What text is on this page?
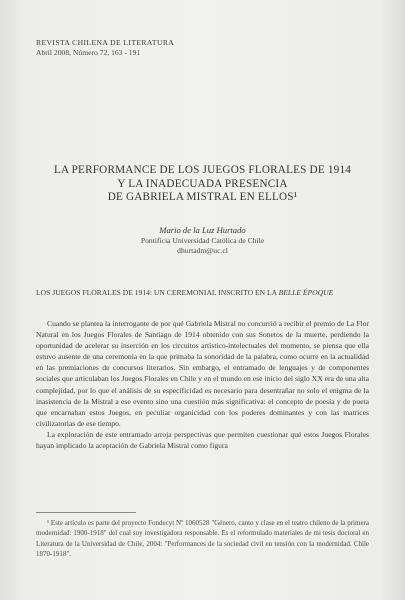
REVISTA CHILENA DE LITERATURA
Abril 2008, Número 72, 163 - 191
LA PERFORMANCE DE LOS JUEGOS FLORALES DE 1914
Y LA INADECUADA PRESENCIA
DE GABRIELA MISTRAL EN ELLOS¹
Mario de la Luz Hurtado
Pontificia Universidad Católica de Chile
dhurtadm@uc.cl
LOS JUEGOS FLORALES DE 1914: UN CEREMONIAL INSCRITO EN LA BELLE ÉPOQUE

Cuando se plantea la interrogante de por qué Gabriela Mistral no concurrió a recibir el premio de La Flor Natural en los Juegos Florales de Santiago de 1914 obtenido con sus Sonetos de la muerte, perdiendo la oportunidad de acelerar su inserción en los circuitos artístico-intelectuales del momento, se piensa que ella estuvo ausente de una ceremonia en la que primaba la sonoridad de la palabra, como ocurre en la actualidad en las premiaciones de concursos literarios. Sin embargo, el entramado de lenguajes y de componentes sociales que articulaban los Juegos Florales en Chile y en el mundo en ese inicio del siglo XX era de una alta complejidad, por lo que el análisis de su especificidad es necesario para desentrañar no solo el enigma de la inasistencia de la Mistral a ese evento sino una cuestión más significativa: el concepto de poesía y de poeta que encarnaban estos Juegos, en peculiar organicidad con los poderes dominantes y con las matrices civilizatorias de ese tiempo.

La exploración de este entramado arroja perspectivas que permiten cuestionar qué estos Juegos Florales hayan implicado la aceptación de Gabriela Mistral como figura

¹ Este artículo es parte del proyecto Fondecyt Nº 1060528 "Género, canto y clase en el teatro chileno de la primera modernidad: 1900-1918" del cual soy investigadora responsable. Es el reformulado materiales de mi tesis doctoral en Literatura de la Universidad de Chile, 2004: "Performances de la sociedad civil en tensión con la modernidad. Chile 1870-1918".
